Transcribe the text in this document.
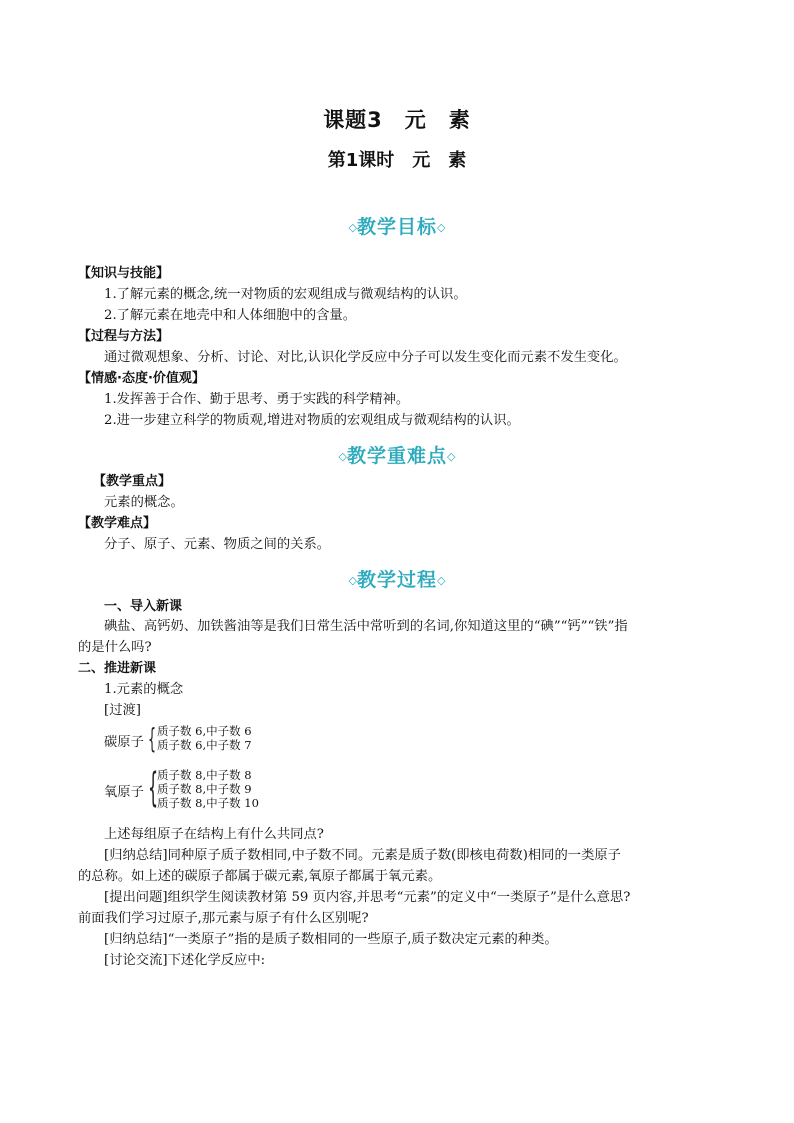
课题3　元　素
第1课时　元　素
◇教学目标◇
【知识与技能】
1.了解元素的概念,统一对物质的宏观组成与微观结构的认识。
2.了解元素在地壳中和人体细胞中的含量。
【过程与方法】
通过微观想象、分析、讨论、对比,认识化学反应中分子可以发生变化而元素不发生变化。
【情感·态度·价值观】
1.发挥善于合作、勤于思考、勇于实践的科学精神。
2.进一步建立科学的物质观,增进对物质的宏观组成与微观结构的认识。
◇教学重难点◇
【教学重点】
元素的概念。
【教学难点】
分子、原子、元素、物质之间的关系。
◇教学过程◇
一、导入新课
碘盐、高钙奶、加铁酱油等是我们日常生活中常听到的名词,你知道这里的“碘”“钙”“铁”指
的是什么吗?
二、推进新课
1.元素的概念
[过渡]
碳原子 { 质子数 6,中子数 6
质子数 6,中子数 7
氧原子 {
质子数 8,中子数 8
质子数 8,中子数 9
质子数 8,中子数 10
上述每组原子在结构上有什么共同点?
[归纳总结]同种原子质子数相同,中子数不同。元素是质子数(即核电荷数)相同的一类原子
的总称。如上述的碳原子都属于碳元素,氧原子都属于氧元素。
[提出问题]组织学生阅读教材第 59 页内容,并思考“元素”的定义中“一类原子”是什么意思?
前面我们学习过原子,那元素与原子有什么区别呢?
[归纳总结]“一类原子”指的是质子数相同的一些原子,质子数决定元素的种类。
[讨论交流]下述化学反应中:
